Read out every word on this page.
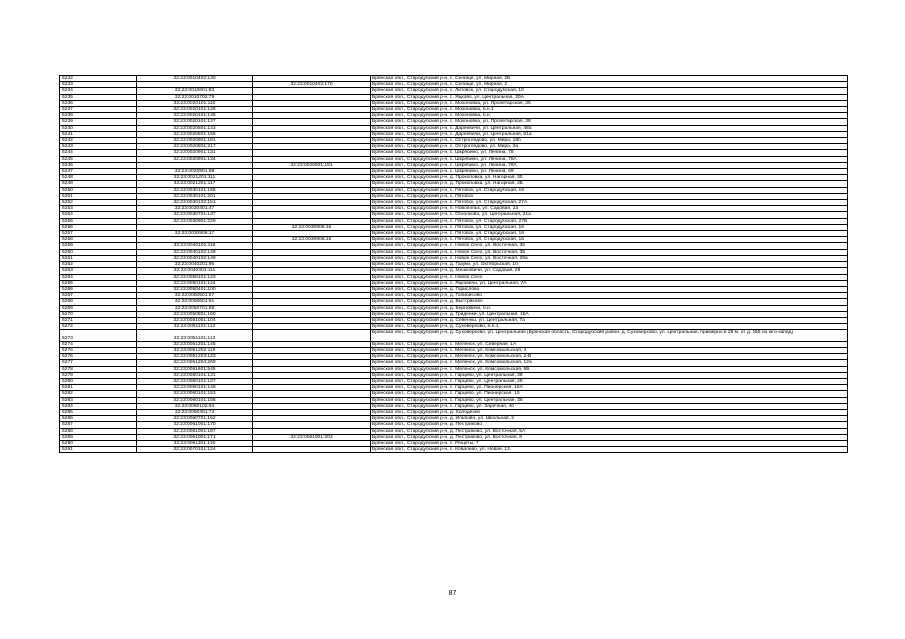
5232	32:23:0010402:130		Брянская обл., Стародубский р-н, с. Селище, ул. Мирная, 2Б
5233		32:23:0010402:170	Брянская обл., Стародубский р-н, с. Селище, ул. Мирная, 2
5234	32:23:0010601:83		Брянская обл., Стародубский р-н, с. Литовск, ул. Стародубская, 10
5235	32:23:0010702:79		Брянская обл., Стародубский р-н, с. Яцково, ул. Центральная, 30А
5236	32:23:0020101:110		Брянская обл., Стародубский р-н, с. Мохоновка, ул. Пролетарская, 35
5237	32:23:0020101:128		Брянская обл., Стародубский р-н, с. Мохоновка, б.н.1
5238	32:23:0020101:135		Брянская обл., Стародубский р-н, с. Мохоновка, б.н.
5239	32:23:0020101:137		Брянская обл., Стародубский р-н, с. Мохоновка, ул. Пролетарская, 38
5240	32:23:0020501:143		Брянская обл., Стародубский р-н, с. Дареевичи, ул. Центральная, 48а
5241	32:23:0020501:156		Брянская обл., Стародубский р-н, с. Дареевичи, ул. Центральная, 61а
5242	32:23:0020801:181		Брянская обл., Стародубский р-н, с. Остроглядово, ул. Мира, 18б
5243	32:23:0020801:217		Брянская обл., Стародубский р-н, с. Остроглядово, ул. Мира, 2а
5244	32:23:0020901:131		Брянская обл., Стародубский р-н, с. Шкрябино, ул. Ленина, 78
5245	32:23:0020901:134		Брянская обл., Стародубский р-н, с. Шкрябино, ул. Ленина, 76А
5246		32:23:0020901:181	Брянская обл., Стародубский р-н, с. Шкрябино, ул. Ленина, 78А
5247	32:23:0020901:98		Брянская обл., Стародубский р-н, с. Шкрябино, ул. Ленина, 69
5248	32:23:0021201:111		Брянская обл., Стародубский р-н, д. Прокоповка, ул. Нагорная, 30
5249	32:23:0021201:117		Брянская обл., Стародубский р-н, д. Прокоповка, ул. Нагорная, 2Б
5250	32:23:0030101:185		Брянская обл., Стародубский р-н, с. Пятовск, ул. Стародубская, 16
5251	32:23:0030101:201		Брянская обл., Стародубский р-н, с. Пятовск
5252	32:23:0030102:151		Брянская обл., Стародубский р-н, с. Пятовск, ул. Стародубская, 27А
5253	32:23:0030401:47		Брянская обл., Стародубский р-н, п. Новопольк, ул. Садовая, 2а
5254	32:23:0030701:137		Брянская обл., Стародубский р-н, с. Осколково, ул. Центральная, 21а
5255	32:23:0030901:229		Брянская обл., Стародубский р-н, с. Пятовск, ул. Стародубская, 27Б
5256		32:23:0030906:16	Брянская обл., Стародубский р-н, с. Пятовск, ул. Стародубская, 16
5257	32:23:0030906:17		Брянская обл., Стародубский р-н, с. Пятовск, ул. Стародубская, 16
5258		32:23:0030906:18	Брянская обл., Стародубский р-н, с. Пятовск, ул. Стародубская, 16
5259	32:23:0040101:118		Брянская обл., Стародубский р-н, с. Новое Село, ул. Восточная, 35
5260	32:23:0040102:148		Брянская обл., Стародубский р-н, с. Новое Село, ул. Восточная, 35
5261	32:23:0040102:149		Брянская обл., Стародубский р-н, с. Новое Село, ул. Восточная, 29а
5262	32:23:0040201:95		Брянская обл., Стародубский р-н, д. Газуки, ул. Октябрьская, 10
5263	32:23:0040301:111		Брянская обл., Стародубский р-н, д. Мешковичи, ул. Садовая, 29
5264	32:23:0050101:123		Брянская обл., Стародубский р-н, с. Новое Село
5265	32:23:0050101:124		Брянская обл., Стародубский р-н, с. Яцковичи, ул. Центральная, 7А
5266	32:23:0050401:100		Брянская обл., Стародубский р-н, д. Горислово
5267	32:23:0050501:57		Брянская обл., Стародубский р-н, д. Голибисово
5268	32:23:0050601:91		Брянская обл., Стародубский р-н, д. Выстриково
5269	32:23:0050701:89		Брянская обл., Стародубский р-н, д. Берновичи, б.н.
5270	32:23:0050801:160		Брянская обл., Стародубский р-н, д. Гриденки, ул. Центральная, 15А
5271	32:23:0051001:104		Брянская обл., Стародубский р-н, д. Севенны, ул. Центральная, 7а
5272	32:23:0051101:112		Брянская обл., Стародубский р-н, д. Суховерхово, б.н.1
5273	32:23:0051101:113		Брянская обл., Стародубский р-н, д. Суховерхово, ул. Центральная (Брянская область, Стародубский район, д. Суховерхово, ул. Центральная, примерно в 28 м. от д. №9 на юго-запад)
5274	32:23:0051201:145		Брянская обл., Стародубский р-н, с. Меленск, ул. Северная, 1А
5275	32:23:0051202:119		Брянская обл., Стародубский р-н, с. Меленск, ул. Комсомольская, 4
5276	32:23:0051203:123		Брянская обл., Стародубский р-н, с. Меленск, ул. Комсомольская, 2-В
5277	32:23:0051204:269		Брянская обл., Стародубский р-н, с. Меленск, ул. Комсомольская, 12а
5278	32:23:0051601:545		Брянская обл., Стародубский р-н, с. Меленск, ул. Комсомольская, 5Б
5279	32:23:0060101:131		Брянская обл., Стародубский р-н, с. Гарцево, ул. Центральная, 38
5280	32:23:0060101:137		Брянская обл., Стародубский р-н, с. Гарцево, ул. Центральная, 28
5281	32:23:0060101:148		Брянская обл., Стародубский р-н, с. Гарцево, ул. Пионерская, 15А
5282	32:23:0060101:153		Брянская обл., Стародубский р-н, с. Гарцево, ул. Пионерская, 15
5283	32:23:0060101:156		Брянская обл., Стародубский р-н, с. Гарцево, ул. Центральная, 38
5284	32:23:0060102:94		Брянская обл., Стародубский р-н, с. Гарцево, ул. Заречная, 40
5285	32:23:0060401:74		Брянская обл., Стародубский р-н, д. Холодезев
5286	32:23:0060701:152		Брянская обл., Стародубский р-н, д. Ильбово, ул. Школьная, 2
5287	32:23:0061001:170		Брянская обл., Стародубский р-н, д. Пестриково
5288	32:23:0061001:187		Брянская обл., Стародубский р-н, д. Пестриково, ул. Восточная, 5А
5289	32:23:0061001:171	32:23:0061001:203	Брянская обл., Стародубский р-н, д. Пестриково, ул. Восточная, 8
5290	32:23:0061101:120		Брянская обл., Стародубский р-н, с. Рещеты, 7
5291	32:23:0070101:124		Брянская обл., Стародубский р-н, с. Ковалево, ул. Новая, 13
87
